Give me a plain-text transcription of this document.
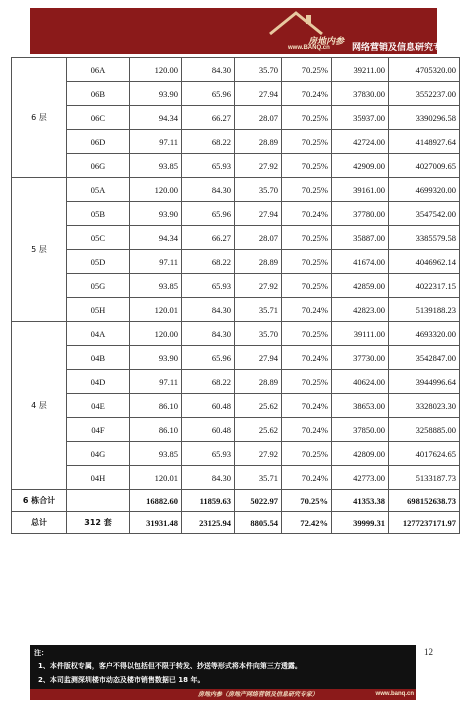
房地内参
www.BANQ.cn 网络营销及信息研究专家
6 层	06A	120.00	84.30	35.70	70.25%	39211.00	4705320.00
	06B	93.90	65.96	27.94	70.24%	37830.00	3552237.00
	06C	94.34	66.27	28.07	70.25%	35937.00	3390296.58
	06D	97.11	68.22	28.89	70.25%	42724.00	4148927.64
	06G	93.85	65.93	27.92	70.25%	42909.00	4027009.65
5 层	05A	120.00	84.30	35.70	70.25%	39161.00	4699320.00
	05B	93.90	65.96	27.94	70.24%	37780.00	3547542.00
	05C	94.34	66.27	28.07	70.25%	35887.00	3385579.58
	05D	97.11	68.22	28.89	70.25%	41674.00	4046962.14
	05G	93.85	65.93	27.92	70.25%	42859.00	4022317.15
	05H	120.01	84.30	35.71	70.24%	42823.00	5139188.23
4 层	04A	120.00	84.30	35.70	70.25%	39111.00	4693320.00
	04B	93.90	65.96	27.94	70.24%	37730.00	3542847.00
	04D	97.11	68.22	28.89	70.25%	40624.00	3944996.64
	04E	86.10	60.48	25.62	70.24%	38653.00	3328023.30
	04F	86.10	60.48	25.62	70.24%	37850.00	3258885.00
	04G	93.85	65.93	27.92	70.25%	42809.00	4017624.65
	04H	120.01	84.30	35.71	70.24%	42773.00	5133187.73
6 栋合计		16882.60	11859.63	5022.97	70.25%	41353.38	698152638.73
总计	312 套	31931.48	23125.94	8805.54	72.42%	39999.31	1277237171.97
12
注：
1、本件版权专属，客户不得以包括但不限于转发、抄送等形式将本件向第三方透露。
2、本司监测深圳楼市动态及楼市销售数据已 18 年。
房地内参（房地产网络营销及信息研究专家）	www.banq.cn
